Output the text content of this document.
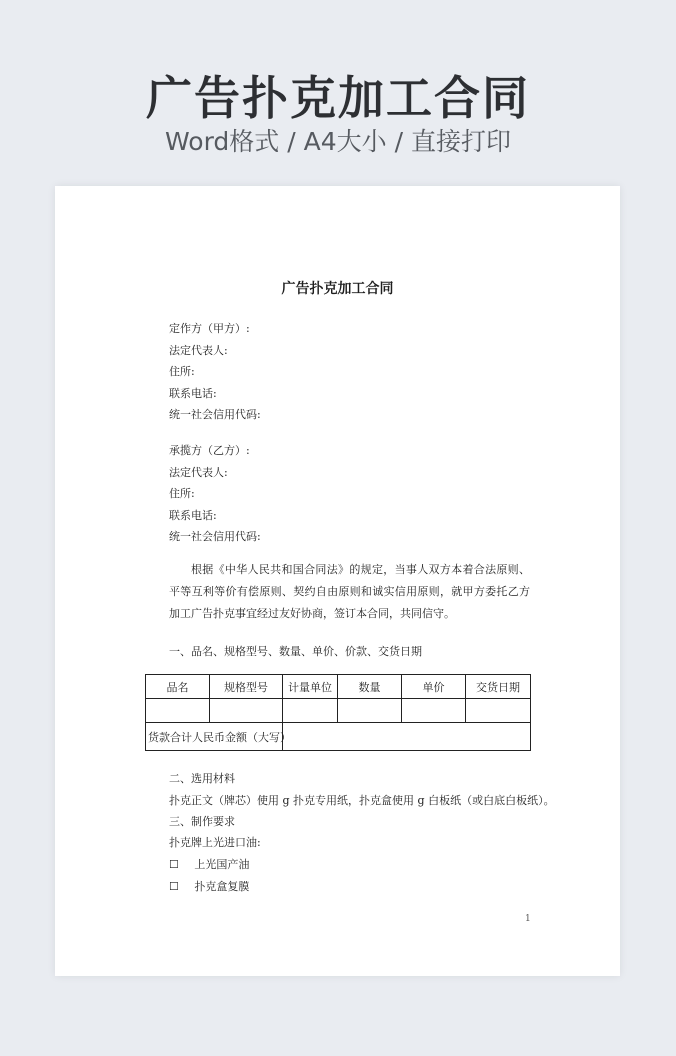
广告扑克加工合同
Word格式 / A4大小 / 直接打印
广告扑克加工合同
定作方（甲方）:
法定代表人:
住所:
联系电话:
统一社会信用代码:
承揽方（乙方）:
法定代表人:
住所:
联系电话:
统一社会信用代码:
根据《中华人民共和国合同法》的规定，当事人双方本着合法原则、平等互利等价有偿原则、契约自由原则和诚实信用原则，就甲方委托乙方加工广告扑克事宜经过友好协商，签订本合同，共同信守。
一、品名、规格型号、数量、单价、价款、交货日期
品名	规格型号	计量单位	数量	单价	交货日期

货款合计人民币金额（大写）					
二、选用材料
扑克正文（牌芯）使用 g 扑克专用纸，扑克盒使用 g 白板纸（或白底白板纸）。
三、制作要求
扑克牌上光进口油:
☐ 上光国产油
☐ 扑克盒复膜
1
